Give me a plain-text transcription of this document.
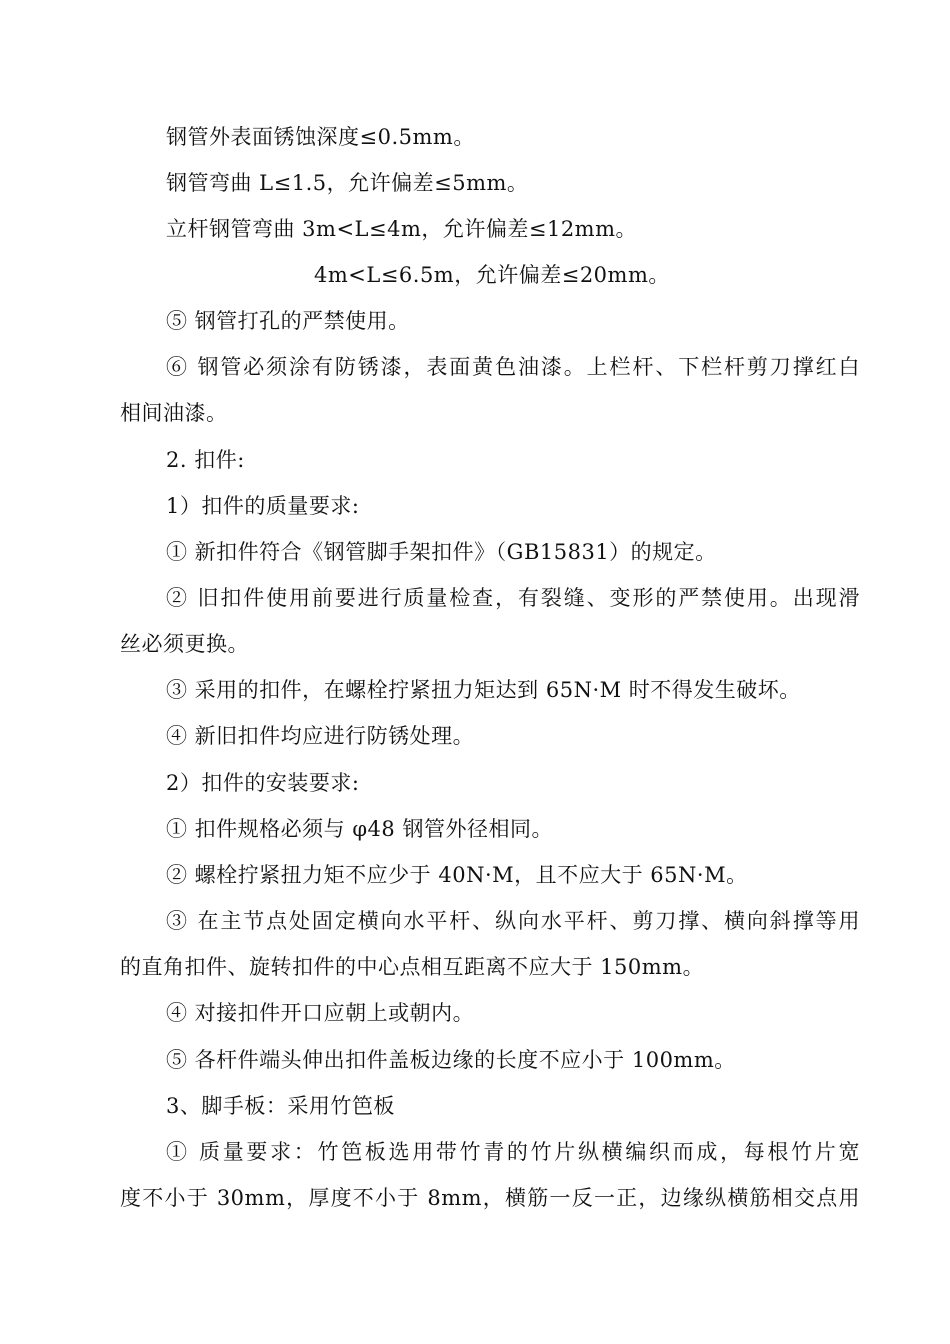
钢管外表面锈蚀深度≤0.5mm。
钢管弯曲 L≤1.5，允许偏差≤5mm。
立杆钢管弯曲 3m<L≤4m，允许偏差≤12mm。
4m<L≤6.5m，允许偏差≤20mm。
⑤ 钢管打孔的严禁使用。
⑥ 钢管必须涂有防锈漆，表面黄色油漆。上栏杆、下栏杆剪刀撑红白
相间油漆。
2. 扣件:
1）扣件的质量要求:
① 新扣件符合《钢管脚手架扣件》（GB15831）的规定。
② 旧扣件使用前要进行质量检查，有裂缝、变形的严禁使用。出现滑
丝必须更换。
③ 采用的扣件，在螺栓拧紧扭力矩达到 65N·M 时不得发生破坏。
④ 新旧扣件均应进行防锈处理。
2）扣件的安装要求:
① 扣件规格必须与 φ48 钢管外径相同。
② 螺栓拧紧扭力矩不应少于 40N·M，且不应大于 65N·M。
③ 在主节点处固定横向水平杆、纵向水平杆、剪刀撑、横向斜撑等用
的直角扣件、旋转扣件的中心点相互距离不应大于 150mm。
④ 对接扣件开口应朝上或朝内。
⑤ 各杆件端头伸出扣件盖板边缘的长度不应小于 100mm。
3、脚手板：采用竹笆板
① 质量要求：竹笆板选用带竹青的竹片纵横编织而成，每根竹片宽
度不小于 30mm，厚度不小于 8mm，横筋一反一正，边缘纵横筋相交点用
